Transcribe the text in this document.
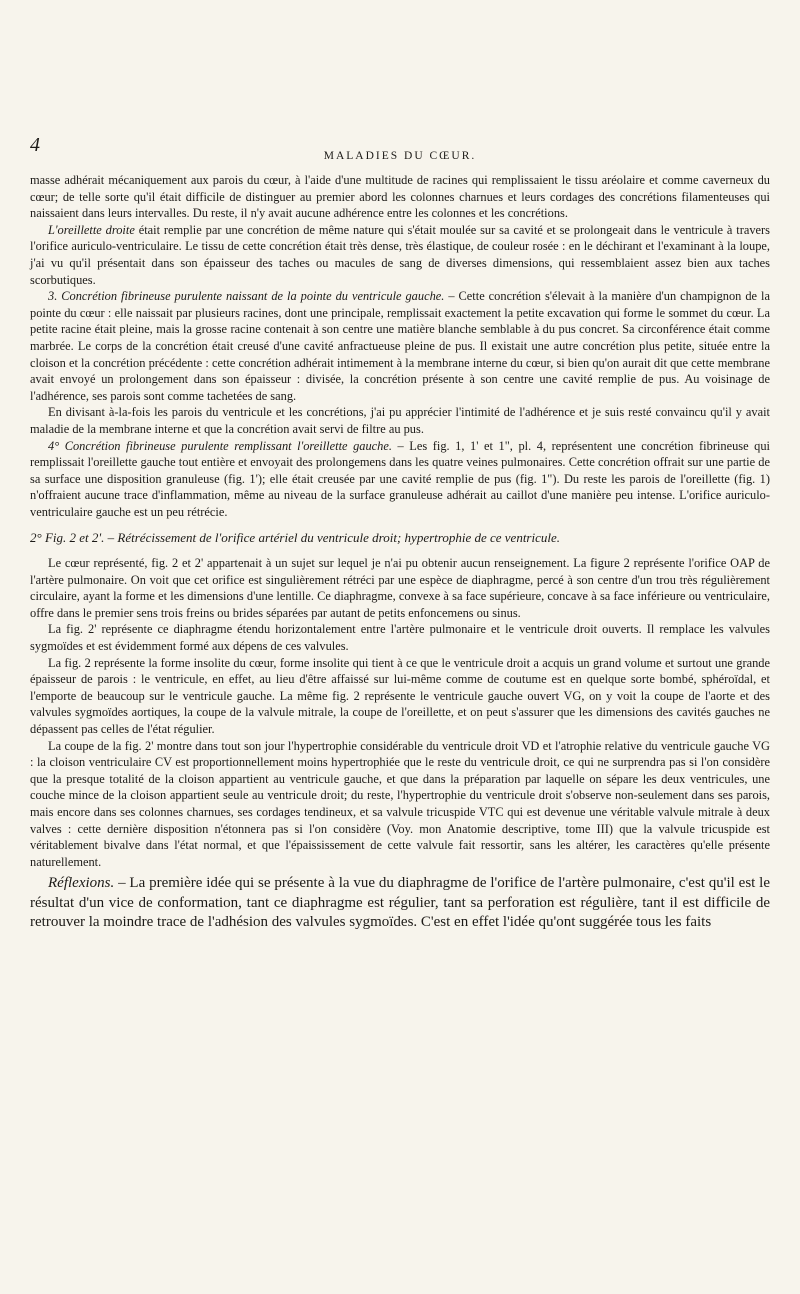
4	MALADIES DU CŒUR.

masse adhérait mécaniquement aux parois du cœur, à l'aide d'une multitude de racines qui remplissaient le tissu aréolaire et comme caverneux du cœur; de telle sorte qu'il était difficile de distinguer au premier abord les colonnes charnues et leurs cordages des concrétions filamenteuses qui naissaient dans leurs intervalles. Du reste, il n'y avait aucune adhérence entre les colonnes et les concrétions.

L'oreillette droite était remplie par une concrétion de même nature qui s'était moulée sur sa cavité et se prolongeait dans le ventricule à travers l'orifice auriculo-ventriculaire. Le tissu de cette concrétion était très dense, très élastique, de couleur rosée : en le déchirant et l'examinant à la loupe, j'ai vu qu'il présentait dans son épaisseur des taches ou macules de sang de diverses dimensions, qui ressemblaient assez bien aux taches scorbutiques.

3. Concrétion fibrineuse purulente naissant de la pointe du ventricule gauche. – Cette concrétion s'élevait à la manière d'un champignon de la pointe du cœur : elle naissait par plusieurs racines, dont une principale, remplissait exactement la petite excavation qui forme le sommet du cœur. La petite racine était pleine, mais la grosse racine contenait à son centre une matière blanche semblable à du pus concret. Sa circonférence était comme marbrée. Le corps de la concrétion était creusé d'une cavité anfractueuse pleine de pus. Il existait une autre concrétion plus petite, située entre la cloison et la concrétion précédente : cette concrétion adhérait intimement à la membrane interne du cœur, si bien qu'on aurait dit que cette membrane avait envoyé un prolongement dans son épaisseur : divisée, la concrétion présente à son centre une cavité remplie de pus. Au voisinage de l'adhérence, ses parois sont comme tachetées de sang.

En divisant à-la-fois les parois du ventricule et les concrétions, j'ai pu apprécier l'intimité de l'adhérence et je suis resté convaincu qu'il y avait maladie de la membrane interne et que la concrétion avait servi de filtre au pus.

4° Concrétion fibrineuse purulente remplissant l'oreillette gauche. – Les fig. 1, 1' et 1", pl. 4, représentent une concrétion fibrineuse qui remplissait l'oreillette gauche tout entière et envoyait des prolongemens dans les quatre veines pulmonaires. Cette concrétion offrait sur une partie de sa surface une disposition granuleuse (fig. 1'); elle était creusée par une cavité remplie de pus (fig. 1"). Du reste les parois de l'oreillette (fig. 1) n'offraient aucune trace d'inflammation, même au niveau de la surface granuleuse adhérait au caillot d'une manière peu intense. L'orifice auriculo-ventriculaire gauche est un peu rétrécie.

2° Fig. 2 et 2'. – Rétrécissement de l'orifice artériel du ventricule droit; hypertrophie de ce ventricule.

Le cœur représenté, fig. 2 et 2' appartenait à un sujet sur lequel je n'ai pu obtenir aucun renseignement. La figure 2 représente l'orifice OAP de l'artère pulmonaire. On voit que cet orifice est singulièrement rétréci par une espèce de diaphragme, percé à son centre d'un trou très régulièrement circulaire, ayant la forme et les dimensions d'une lentille. Ce diaphragme, convexe à sa face supérieure, concave à sa face inférieure ou ventriculaire, offre dans le premier sens trois freins ou brides séparées par autant de petits enfoncemens ou sinus.

La fig. 2' représente ce diaphragme étendu horizontalement entre l'artère pulmonaire et le ventricule droit ouverts. Il remplace les valvules sygmoïdes et est évidemment formé aux dépens de ces valvules.

La fig. 2 représente la forme insolite du cœur, forme insolite qui tient à ce que le ventricule droit a acquis un grand volume et surtout une grande épaisseur de parois : le ventricule, en effet, au lieu d'être affaissé sur lui-même comme de coutume est en quelque sorte bombé, sphéroïdal, et l'emporte de beaucoup sur le ventricule gauche. La même fig. 2 représente le ventricule gauche ouvert VG, on y voit la coupe de l'aorte et des valvules sygmoïdes aortiques, la coupe de la valvule mitrale, la coupe de l'oreillette, et on peut s'assurer que les dimensions des cavités gauches ne dépassent pas celles de l'état régulier.

La coupe de la fig. 2' montre dans tout son jour l'hypertrophie considérable du ventricule droit VD et l'atrophie relative du ventricule gauche VG : la cloison ventriculaire CV est proportionnellement moins hypertrophiée que le reste du ventricule droit, ce qui ne surprendra pas si l'on considère que la presque totalité de la cloison appartient au ventricule gauche, et que dans la préparation par laquelle on sépare les deux ventricules, une couche mince de la cloison appartient seule au ventricule droit; du reste, l'hypertrophie du ventricule droit s'observe non-seulement dans ses parois, mais encore dans ses colonnes charnues, ses cordages tendineux, et sa valvule tricuspide VTC qui est devenue une véritable valvule mitrale à deux valves : cette dernière disposition n'étonnera pas si l'on considère (Voy. mon Anatomie descriptive, tome III) que la valvule tricuspide est véritablement bivalve dans l'état normal, et que l'épaississement de cette valvule fait ressortir, sans les altérer, les caractères qu'elle présente naturellement.

Réflexions. – La première idée qui se présente à la vue du diaphragme de l'orifice de l'artère pulmonaire, c'est qu'il est le résultat d'un vice de conformation, tant ce diaphragme est régulier, tant sa perforation est régulière, tant il est difficile de retrouver la moindre trace de l'adhésion des valvules sygmoïdes. C'est en effet l'idée qu'ont suggérée tous les faits
